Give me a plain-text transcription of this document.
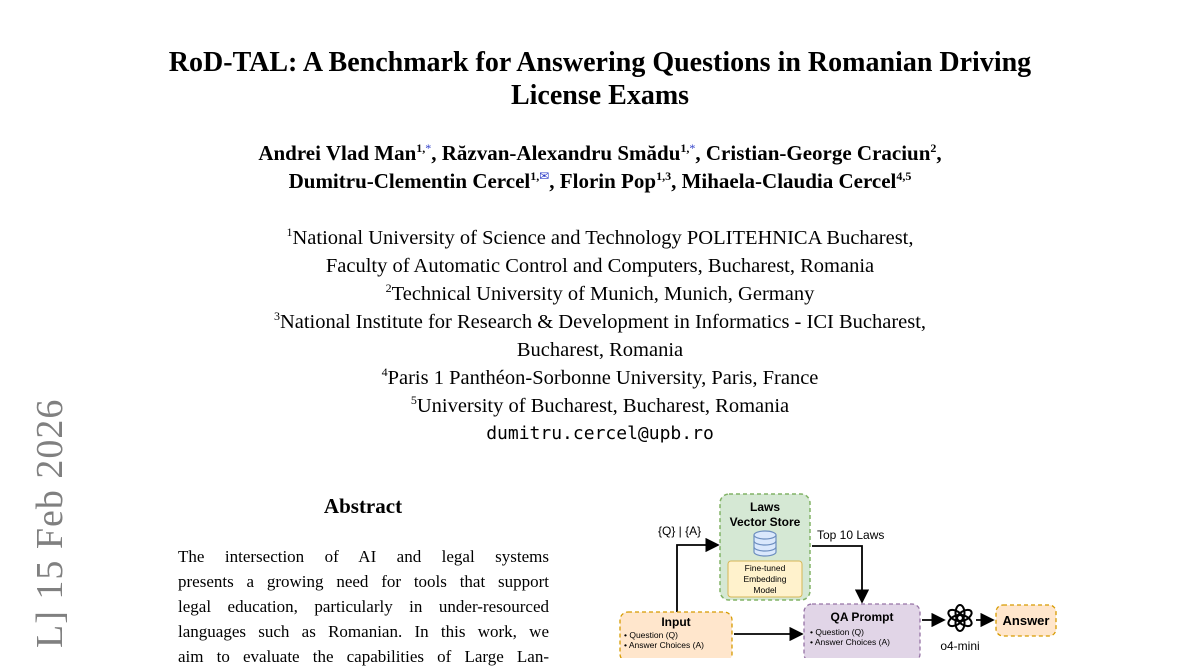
L] 15 Feb 2026
RoD-TAL: A Benchmark for Answering Questions in Romanian Driving
License Exams
Andrei Vlad Man$^{1,*}$, Răzvan-Alexandru Smădu$^{1,*}$, Cristian-George Craciun$^2$,
Dumitru-Clementin Cercel$^{1,✉}$, Florin Pop$^{1,3}$, Mihaela-Claudia Cercel$^{4,5}$
$^1$National University of Science and Technology POLITEHNICA Bucharest,
Faculty of Automatic Control and Computers, Bucharest, Romania
$^2$Technical University of Munich, Munich, Germany
$^3$National Institute for Research & Development in Informatics - ICI Bucharest,
Bucharest, Romania
$^4$Paris 1 Panthéon-Sorbonne University, Paris, France
$^5$University of Bucharest, Bucharest, Romania
dumitru.cercel@upb.ro
Abstract
The intersection of AI and legal systems
presents a growing need for tools that support
legal education, particularly in under-resourced
languages such as Romanian. In this work, we
aim to evaluate the capabilities of Large Lan-
Laws
Vector Store
Fine-tuned
Embedding
Model
{Q} | {A}	Top 10 Laws
Input
• Question (Q)
• Answer Choices (A)
QA Prompt
• Question (Q)
• Answer Choices (A)	o4-mini
Answer
